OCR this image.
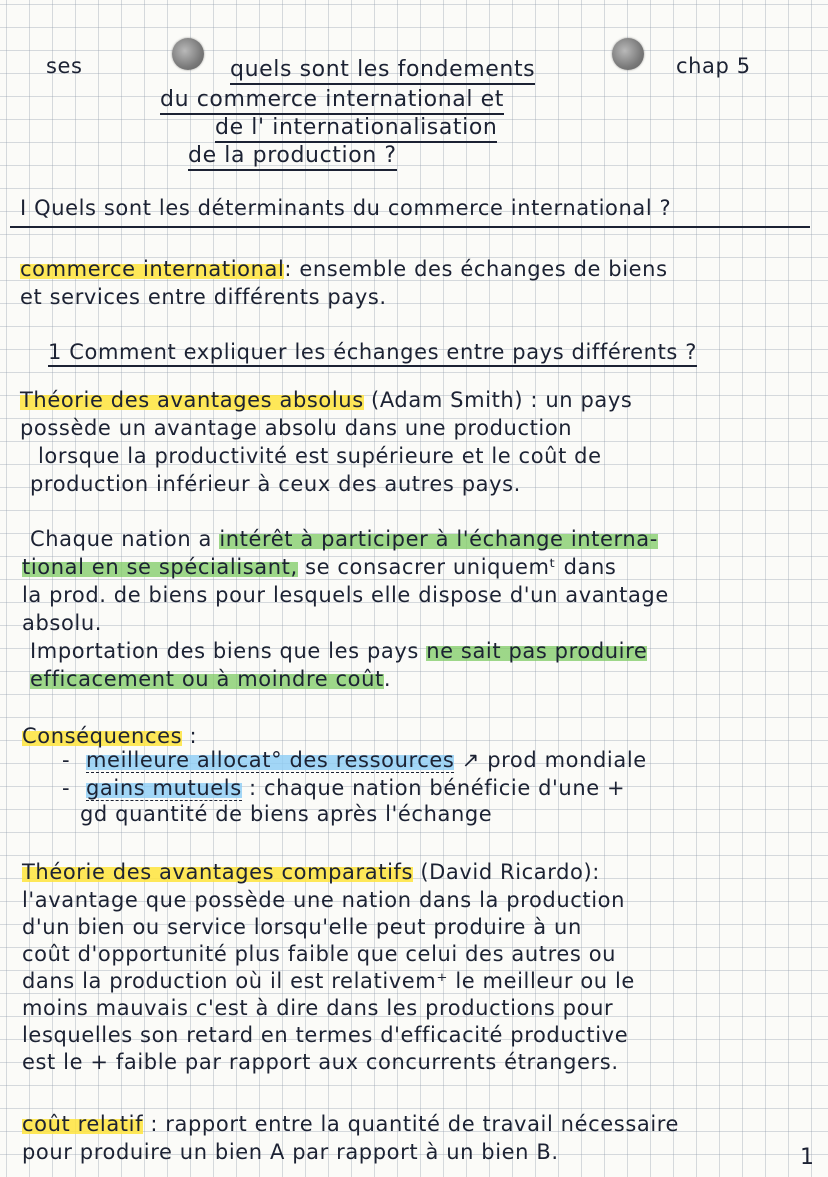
ses	chap 5
quels sont les fondements
du commerce international et
de l' internationalisation
de la production ?
I Quels sont les déterminants du commerce international ?
commerce international: ensemble des échanges de biens
et services entre différents pays.
1 Comment expliquer les échanges entre pays différents ?
Théorie des avantages absolus (Adam Smith) : un pays
possède un avantage absolu dans une production
lorsque la productivité est supérieure et le coût de
production inférieur à ceux des autres pays.
Chaque nation a intérêt à participer à l'échange interna-
tional en se spécialisant, se consacrer uniquemᵗ dans
la prod. de biens pour lesquels elle dispose d'un avantage
absolu.
Importation des biens que les pays ne sait pas produire
efficacement ou à moindre coût.
Conséquences :
- meilleure allocat° des ressources ↗ prod mondiale
- gains mutuels : chaque nation bénéficie d'une +
gd quantité de biens après l'échange
Théorie des avantages comparatifs (David Ricardo):
l'avantage que possède une nation dans la production
d'un bien ou service lorsqu'elle peut produire à un
coût d'opportunité plus faible que celui des autres ou
dans la production où il est relativem⁺ le meilleur ou le
moins mauvais c'est à dire dans les productions pour
lesquelles son retard en termes d'efficacité productive
est le + faible par rapport aux concurrents étrangers.
coût relatif : rapport entre la quantité de travail nécessaire
pour produire un bien A par rapport à un bien B.	1
